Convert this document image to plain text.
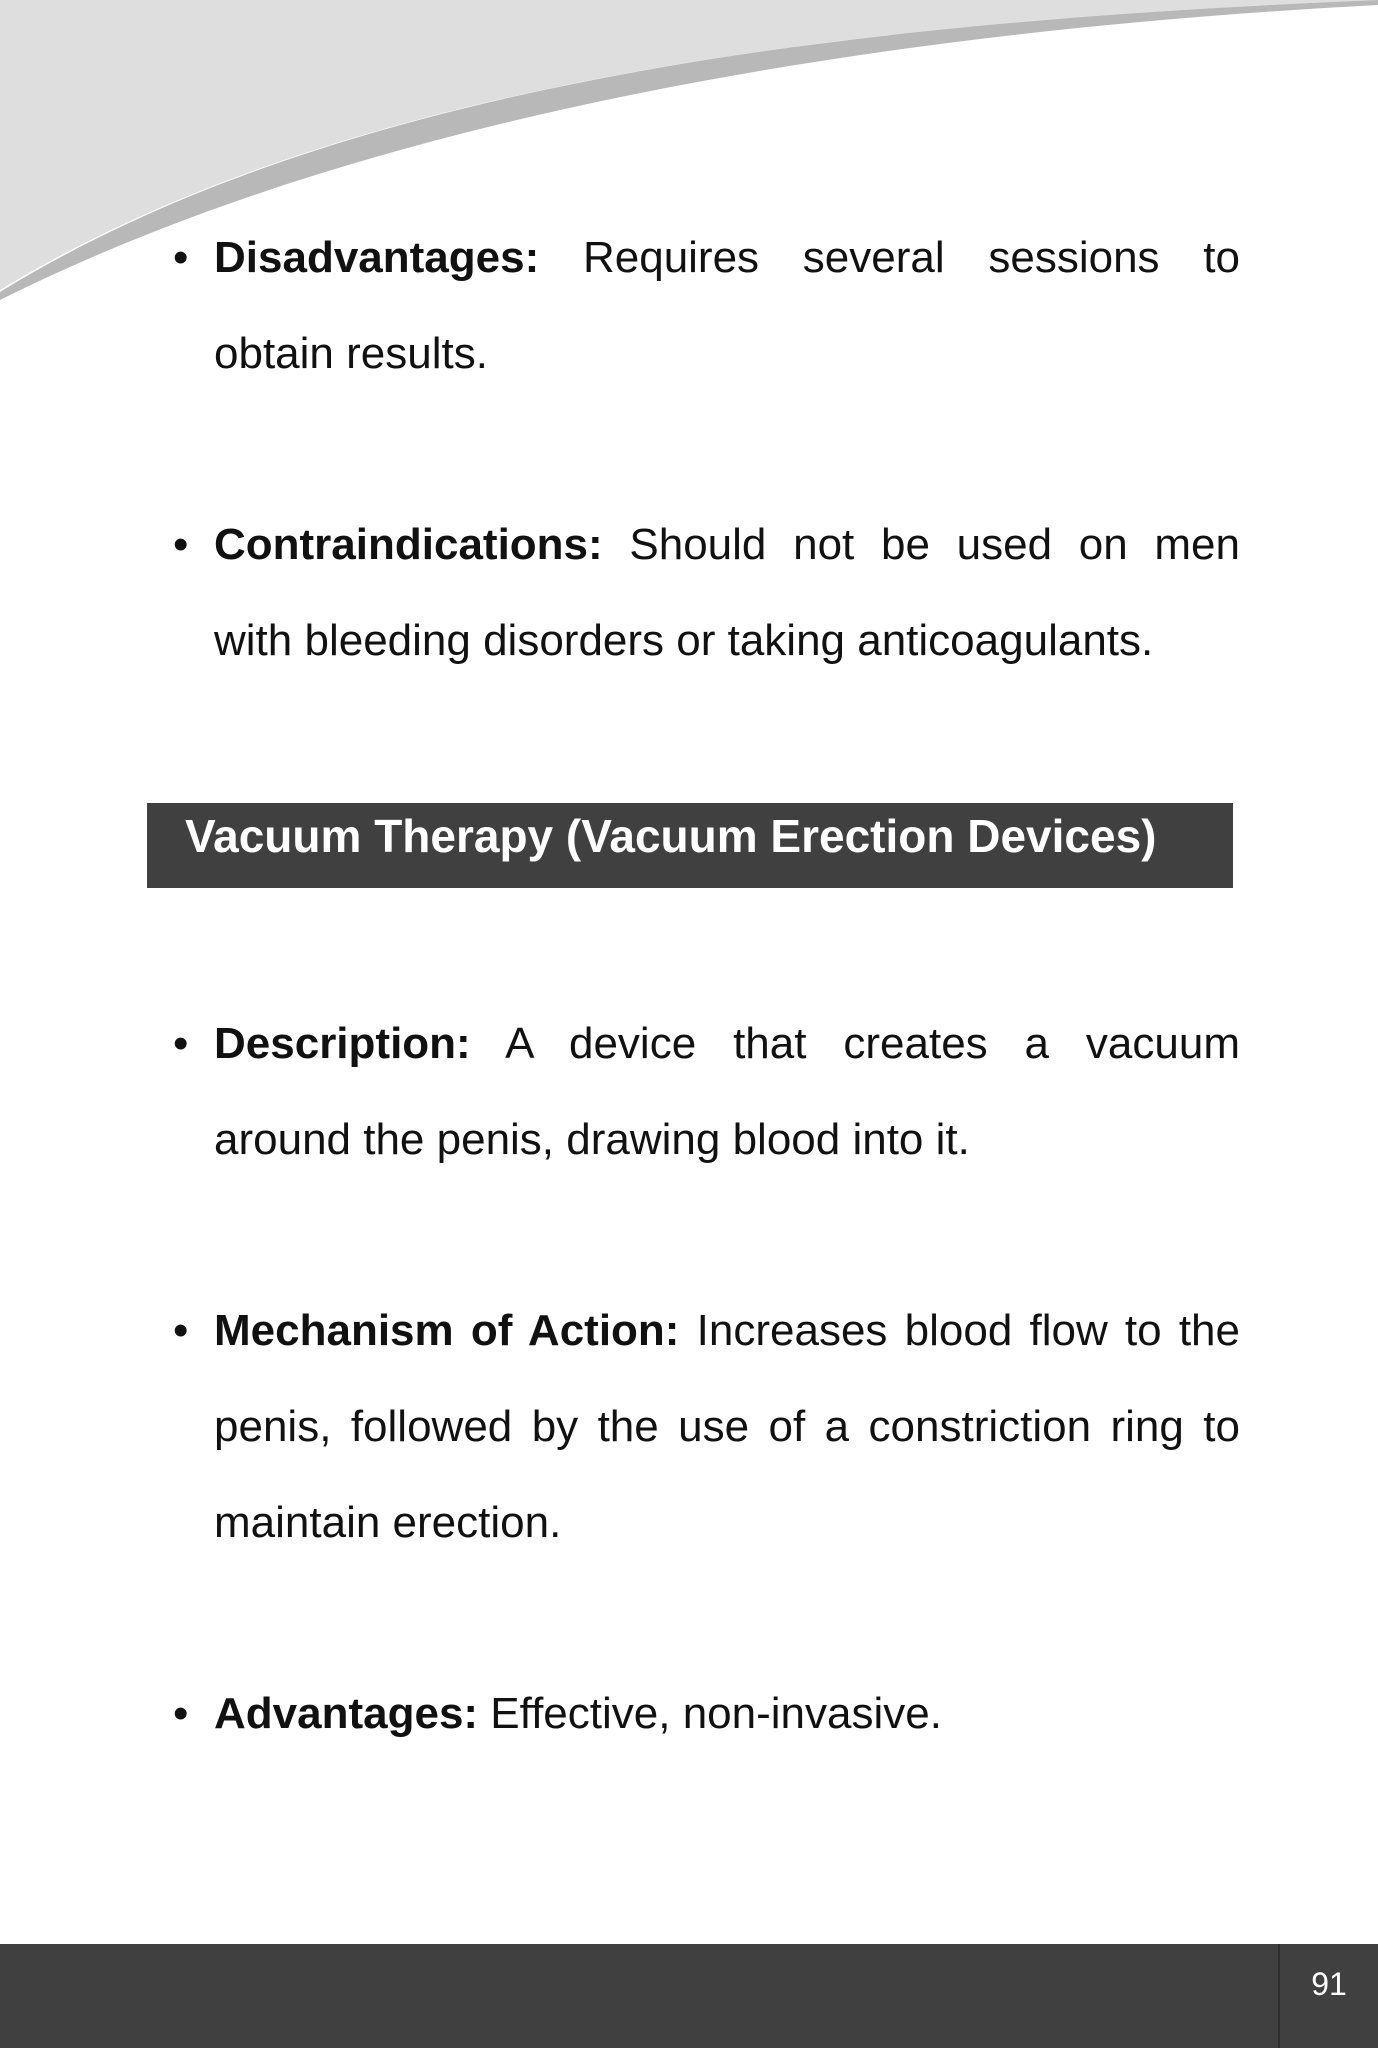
• Disadvantages: Requires several sessions to obtain results.

• Contraindications: Should not be used on men with bleeding disorders or taking anticoagulants.

Vacuum Therapy (Vacuum Erection Devices)
• Description: A device that creates a vacuum around the penis, drawing blood into it.

• Mechanism of Action: Increases blood flow to the penis, followed by the use of a constriction ring to maintain erection.

• Advantages: Effective, non-invasive.

91
